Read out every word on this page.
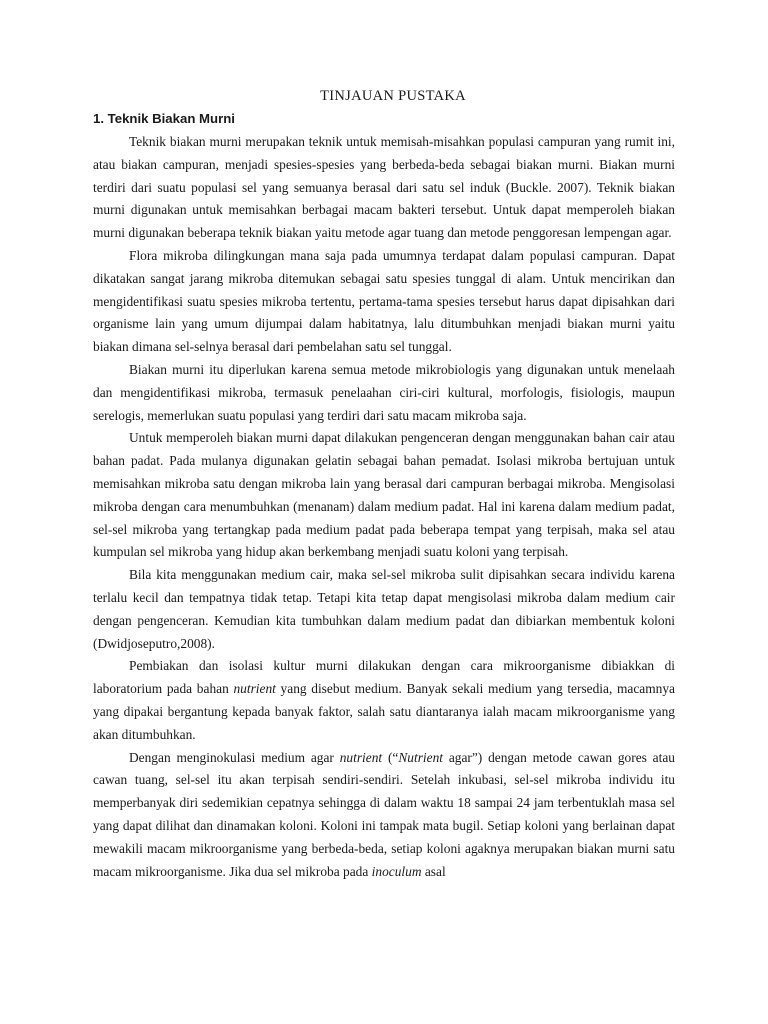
TINJAUAN PUSTAKA
1. Teknik Biakan Murni

Teknik biakan murni merupakan teknik untuk memisah-misahkan populasi campuran yang rumit ini, atau biakan campuran, menjadi spesies-spesies yang berbeda-beda sebagai biakan murni. Biakan murni terdiri dari suatu populasi sel yang semuanya berasal dari satu sel induk (Buckle. 2007). Teknik biakan murni digunakan untuk memisahkan berbagai macam bakteri tersebut. Untuk dapat memperoleh biakan murni digunakan beberapa teknik biakan yaitu metode agar tuang dan metode penggoresan lempengan agar.

Flora mikroba dilingkungan mana saja pada umumnya terdapat dalam populasi campuran. Dapat dikatakan sangat jarang mikroba ditemukan sebagai satu spesies tunggal di alam. Untuk mencirikan dan mengidentifikasi suatu spesies mikroba tertentu, pertama-tama spesies tersebut harus dapat dipisahkan dari organisme lain yang umum dijumpai dalam habitatnya, lalu ditumbuhkan menjadi biakan murni yaitu biakan dimana sel-selnya berasal dari pembelahan satu sel tunggal.

Biakan murni itu diperlukan karena semua metode mikrobiologis yang digunakan untuk menelaah dan mengidentifikasi mikroba, termasuk penelaahan ciri-ciri kultural, morfologis, fisiologis, maupun serelogis, memerlukan suatu populasi yang terdiri dari satu macam mikroba saja.

Untuk memperoleh biakan murni dapat dilakukan pengenceran dengan menggunakan bahan cair atau bahan padat. Pada mulanya digunakan gelatin sebagai bahan pemadat. Isolasi mikroba bertujuan untuk memisahkan mikroba satu dengan mikroba lain yang berasal dari campuran berbagai mikroba. Mengisolasi mikroba dengan cara menumbuhkan (menanam) dalam medium padat. Hal ini karena dalam medium padat, sel-sel mikroba yang tertangkap pada medium padat pada beberapa tempat yang terpisah, maka sel atau kumpulan sel mikroba yang hidup akan berkembang menjadi suatu koloni yang terpisah.

Bila kita menggunakan medium cair, maka sel-sel mikroba sulit dipisahkan secara individu karena terlalu kecil dan tempatnya tidak tetap. Tetapi kita tetap dapat mengisolasi mikroba dalam medium cair dengan pengenceran. Kemudian kita tumbuhkan dalam medium padat dan dibiarkan membentuk koloni (Dwidjoseputro,2008).

Pembiakan dan isolasi kultur murni dilakukan dengan cara mikroorganisme dibiakkan di laboratorium pada bahan nutrient yang disebut medium. Banyak sekali medium yang tersedia, macamnya yang dipakai bergantung kepada banyak faktor, salah satu diantaranya ialah macam mikroorganisme yang akan ditumbuhkan.

Dengan menginokulasi medium agar nutrient (“Nutrient agar”) dengan metode cawan gores atau cawan tuang, sel-sel itu akan terpisah sendiri-sendiri. Setelah inkubasi, sel-sel mikroba individu itu memperbanyak diri sedemikian cepatnya sehingga di dalam waktu 18 sampai 24 jam terbentuklah masa sel yang dapat dilihat dan dinamakan koloni. Koloni ini tampak mata bugil. Setiap koloni yang berlainan dapat mewakili macam mikroorganisme yang berbeda-beda, setiap koloni agaknya merupakan biakan murni satu macam mikroorganisme. Jika dua sel mikroba pada inoculum asal
